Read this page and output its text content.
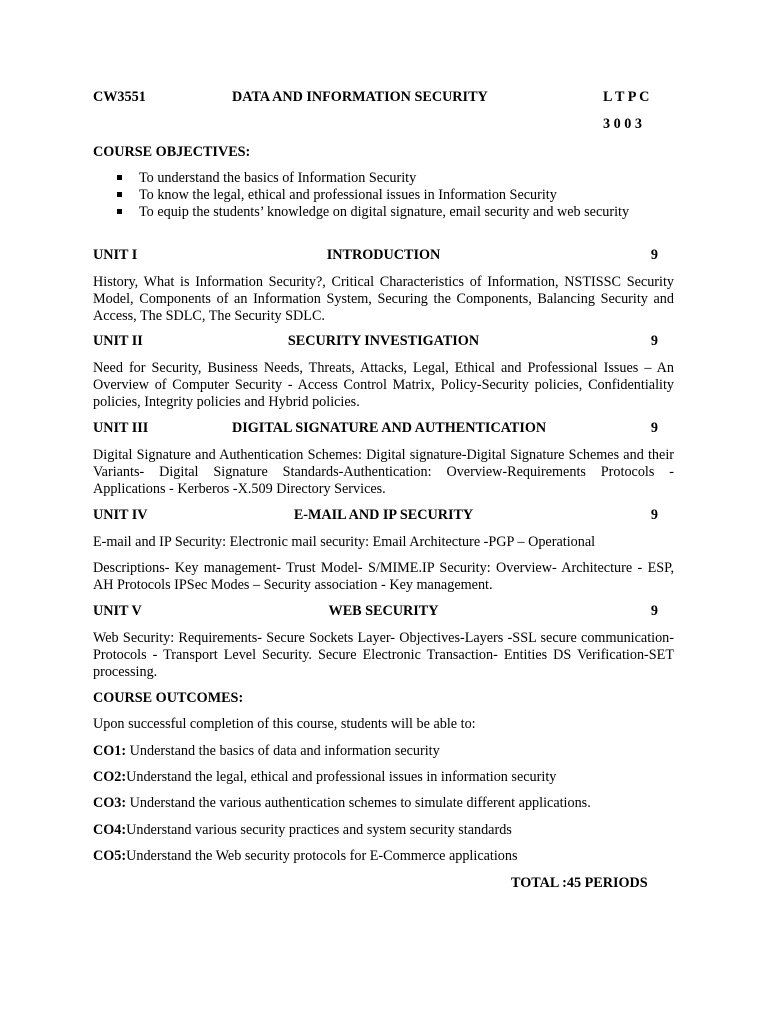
CW3551	DATA AND INFORMATION SECURITY	L T P C
3 0 0 3
COURSE OBJECTIVES:
To understand the basics of Information Security
To know the legal, ethical and professional issues in Information Security
To equip the students’ knowledge on digital signature, email security and web security
UNIT I	INTRODUCTION	9
History, What is Information Security?, Critical Characteristics of Information, NSTISSC Security Model, Components of an Information System, Securing the Components, Balancing Security and Access, The SDLC, The Security SDLC.
UNIT II	SECURITY INVESTIGATION	9
Need for Security, Business Needs, Threats, Attacks, Legal, Ethical and Professional Issues – An Overview of Computer Security - Access Control Matrix, Policy-Security policies, Confidentiality policies, Integrity policies and Hybrid policies.
UNIT III	DIGITAL SIGNATURE AND AUTHENTICATION	9
Digital Signature and Authentication Schemes: Digital signature-Digital Signature Schemes and their Variants- Digital Signature Standards-Authentication: Overview-Requirements Protocols - Applications - Kerberos -X.509 Directory Services.
UNIT IV	E-MAIL AND IP SECURITY	9
E-mail and IP Security: Electronic mail security: Email Architecture -PGP – Operational
Descriptions- Key management- Trust Model- S/MIME.IP Security: Overview- Architecture - ESP, AH Protocols IPSec Modes – Security association - Key management.
UNIT V	WEB SECURITY	9
Web Security: Requirements- Secure Sockets Layer- Objectives-Layers -SSL secure communication-Protocols - Transport Level Security. Secure Electronic Transaction- Entities DS Verification-SET processing.
COURSE OUTCOMES:
Upon successful completion of this course, students will be able to:
CO1: Understand the basics of data and information security
CO2:Understand the legal, ethical and professional issues in information security
CO3: Understand the various authentication schemes to simulate different applications.
CO4:Understand various security practices and system security standards
CO5:Understand the Web security protocols for E-Commerce applications
TOTAL :45 PERIODS
